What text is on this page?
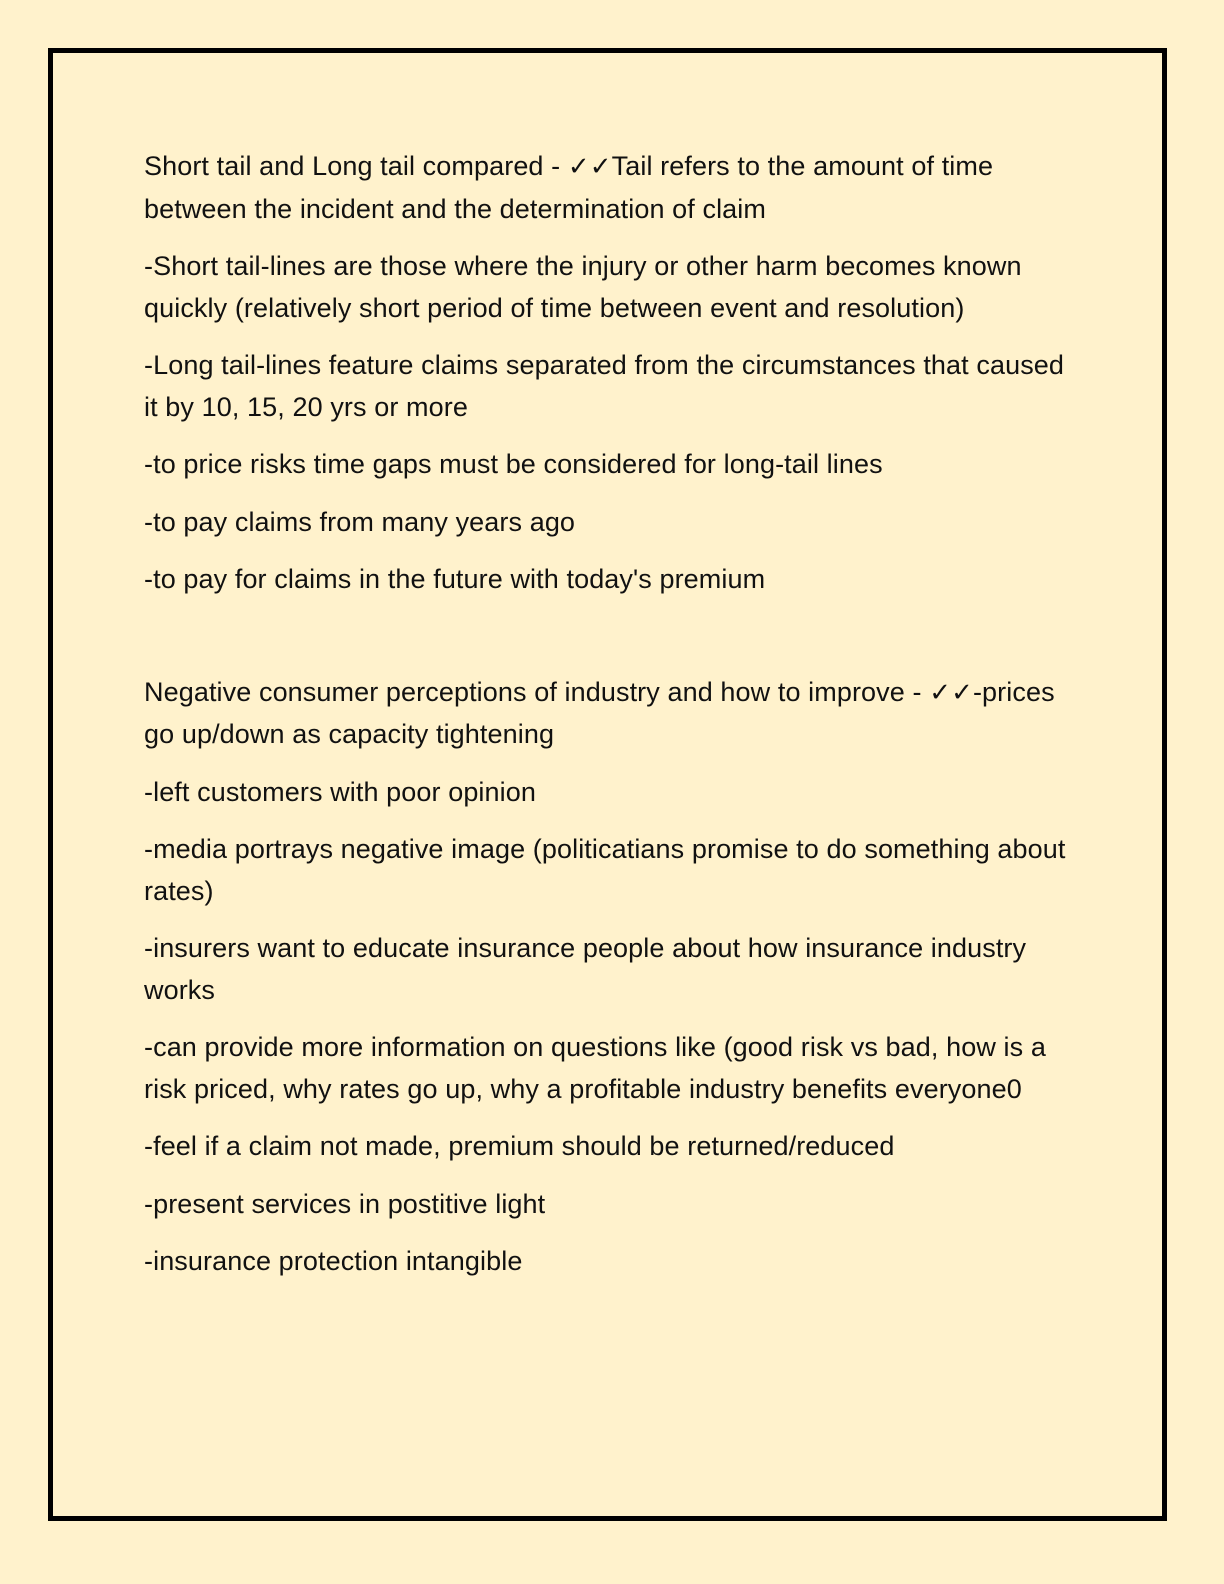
Short tail and Long tail compared - ✓✓Tail refers to the amount of time between the incident and the determination of claim

-Short tail-lines are those where the injury or other harm becomes known quickly (relatively short period of time between event and resolution)

-Long tail-lines feature claims separated from the circumstances that caused it by 10, 15, 20 yrs or more

-to price risks time gaps must be considered for long-tail lines

-to pay claims from many years ago

-to pay for claims in the future with today's premium

Negative consumer perceptions of industry and how to improve - ✓✓-prices go up/down as capacity tightening

-left customers with poor opinion

-media portrays negative image (politicatians promise to do something about rates)

-insurers want to educate insurance people about how insurance industry works

-can provide more information on questions like (good risk vs bad, how is a risk priced, why rates go up, why a profitable industry benefits everyone0

-feel if a claim not made, premium should be returned/reduced

-present services in postitive light

-insurance protection intangible
